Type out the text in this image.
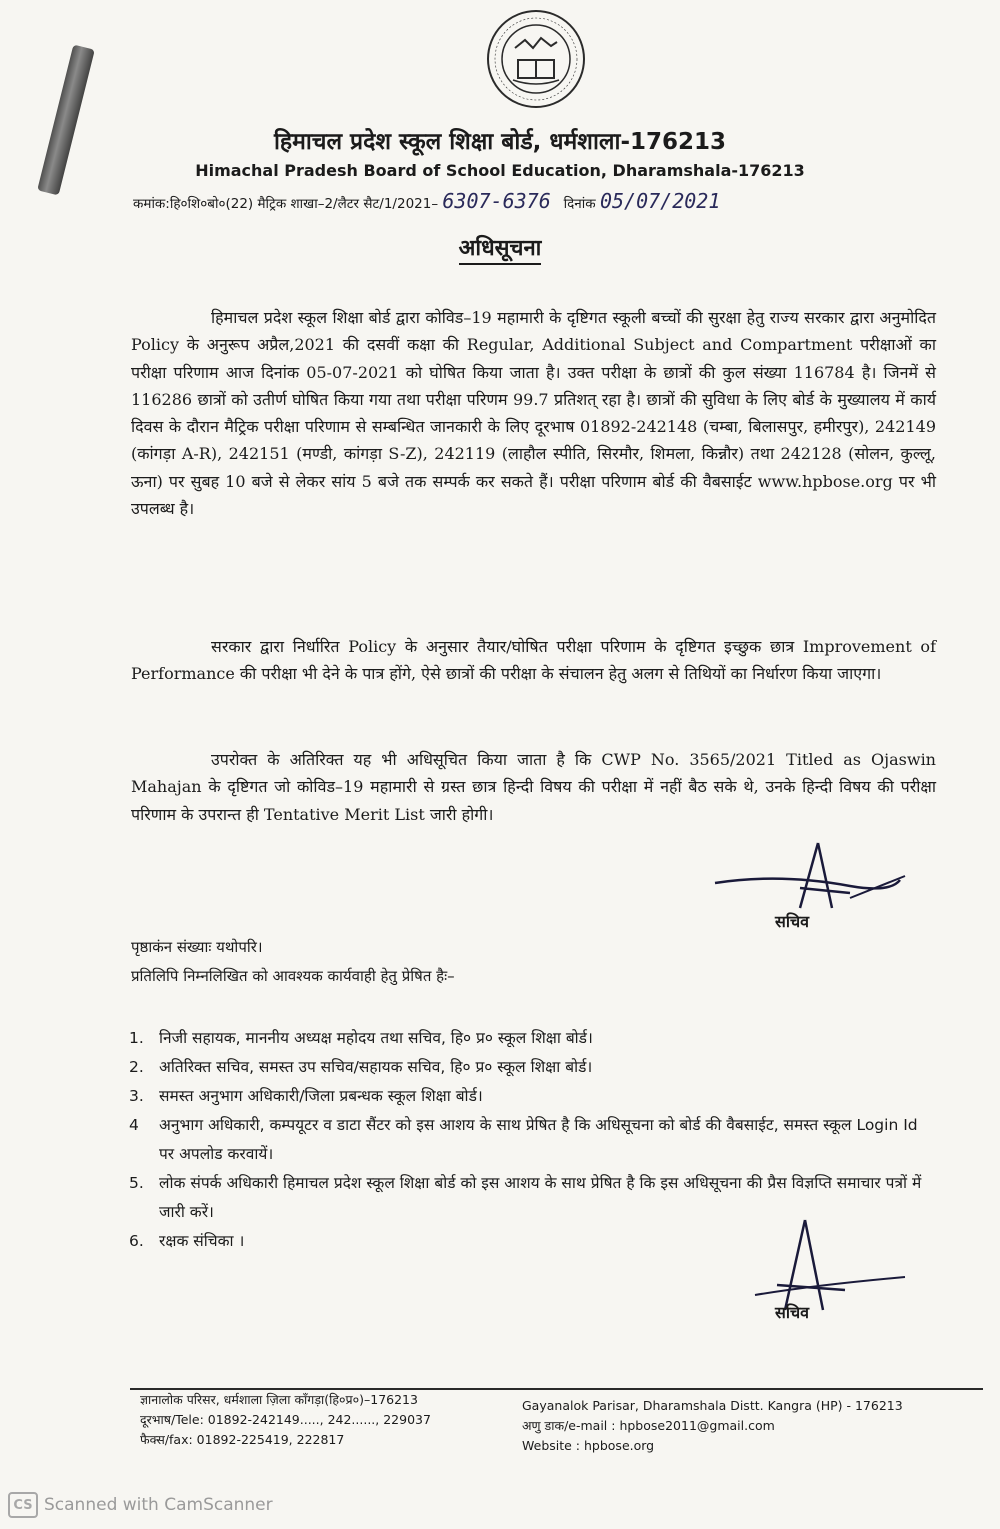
हिमाचल प्रदेश स्कूल शिक्षा बोर्ड, धर्मशाला-176213
Himachal Pradesh Board of School Education, Dharamshala-176213
कमांक:हि०शि०बो०(22) मैट्रिक शाखा–2/लैटर सैट/1/2021– 6307-6376 दिनांक 05/07/2021
अधिसूचना

हिमाचल प्रदेश स्कूल शिक्षा बोर्ड द्वारा कोविड–19 महामारी के दृष्टिगत स्कूली बच्चों की सुरक्षा हेतु राज्य सरकार द्वारा अनुमोदित Policy के अनुरूप अप्रैल,2021 की दसवीं कक्षा की Regular, Additional Subject and Compartment परीक्षाओं का परीक्षा परिणाम आज दिनांक 05-07-2021 को घोषित किया जाता है। उक्त परीक्षा के छात्रों की कुल संख्या 116784 है। जिनमें से 116286 छात्रों को उतीर्ण घोषित किया गया तथा परीक्षा परिणम 99.7 प्रतिशत् रहा है। छात्रों की सुविधा के लिए बोर्ड के मुख्यालय में कार्य दिवस के दौरान मैट्रिक परीक्षा परिणाम से सम्बन्धित जानकारी के लिए दूरभाष 01892-242148 (चम्बा, बिलासपुर, हमीरपुर), 242149 (कांगड़ा A-R), 242151 (मण्डी, कांगड़ा S-Z), 242119 (लाहौल स्पीति, सिरमौर, शिमला, किन्नौर) तथा 242128 (सोलन, कुल्लू, ऊना) पर सुबह 10 बजे से लेकर सांय 5 बजे तक सम्पर्क कर सकते हैं। परीक्षा परिणाम बोर्ड की वैबसाईट www.hpbose.org पर भी उपलब्ध है।

सरकार द्वारा निर्धारित Policy के अनुसार तैयार/घोषित परीक्षा परिणाम के दृष्टिगत इच्छुक छात्र Improvement of Performance की परीक्षा भी देने के पात्र होंगे, ऐसे छात्रों की परीक्षा के संचालन हेतु अलग से तिथियों का निर्धारण किया जाएगा।

उपरोक्त के अतिरिक्त यह भी अधिसूचित किया जाता है कि CWP No. 3565/2021 Titled as Ojaswin Mahajan के दृष्टिगत जो कोविड–19 महामारी से ग्रस्त छात्र हिन्दी विषय की परीक्षा में नहीं बैठ सके थे, उनके हिन्दी विषय की परीक्षा परिणाम के उपरान्त ही Tentative Merit List जारी होगी।

सचिव
पृष्ठाकंन संख्याः यथोपरि।
प्रतिलिपि निम्नलिखित को आवश्यक कार्यवाही हेतु प्रेषित हैः–
1. निजी सहायक, माननीय अध्यक्ष महोदय तथा सचिव, हि० प्र० स्कूल शिक्षा बोर्ड।
2. अतिरिक्त सचिव, समस्त उप सचिव/सहायक सचिव, हि० प्र० स्कूल शिक्षा बोर्ड।
3. समस्त अनुभाग अधिकारी/जिला प्रबन्धक स्कूल शिक्षा बोर्ड।
4 अनुभाग अधिकारी, कम्पयूटर व डाटा सैंटर को इस आशय के साथ प्रेषित है कि अधिसूचना को बोर्ड की वैबसाईट, समस्त स्कूल Login Id पर अपलोड करवायें।
5. लोक संपर्क अधिकारी हिमाचल प्रदेश स्कूल शिक्षा बोर्ड को इस आशय के साथ प्रेषित है कि इस अधिसूचना की प्रैस विज्ञप्ति समाचार पत्रों में जारी करें।
6. रक्षक संचिका ।
सचिव
ज्ञानालोक परिसर, धर्मशाला ज़िला काँगड़ा(हि०प्र०)–176213
दूरभाष/Tele: 01892-242149....., 242......, 229037
फैक्स/fax: 01892-225419, 222817
Gayanalok Parisar, Dharamshala Distt. Kangra (HP) - 176213
अणु डाक/e-mail : hpbose2011@gmail.com
Website : hpbose.org
CS Scanned with CamScanner
